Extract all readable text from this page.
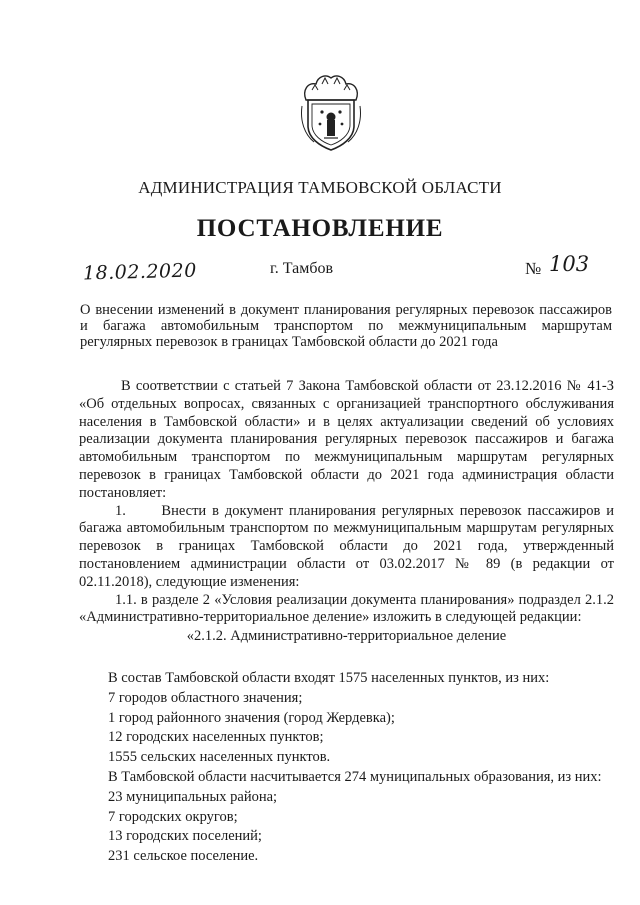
АДМИНИСТРАЦИЯ ТАМБОВСКОЙ ОБЛАСТИ
ПОСТАНОВЛЕНИЕ
18.02.2020	г. Тамбов	№ 103
О внесении изменений в документ планирования регулярных перевозок пассажиров и багажа автомобильным транспортом по межмуниципальным маршрутам регулярных перевозок в границах Тамбовской области до 2021 года

В соответствии с статьей 7 Закона Тамбовской области от 23.12.2016 № 41-З «Об отдельных вопросах, связанных с организацией транспортного обслуживания населения в Тамбовской области» и в целях актуализации сведений об условиях реализации документа планирования регулярных перевозок пассажиров и багажа автомобильным транспортом по межмуниципальным маршрутам регулярных перевозок в границах Тамбовской области до 2021 года администрация области постановляет:

1.      Внести в документ планирования регулярных перевозок пассажиров и багажа автомобильным транспортом по межмуниципальным маршрутам регулярных перевозок в границах Тамбовской области до 2021 года, утвержденный постановлением администрации области от 03.02.2017 № 89 (в редакции от 02.11.2018), следующие изменения:

1.1. в разделе 2 «Условия реализации документа планирования» подраздел 2.1.2 «Административно-территориальное деление» изложить в следующей редакции:

«2.1.2. Административно-территориальное деление

В состав Тамбовской области входят 1575 населенных пунктов, из них:

7 городов областного значения;

1 город районного значения (город Жердевка);

12 городских населенных пунктов;

1555 сельских населенных пунктов.

В Тамбовской области насчитывается 274 муниципальных образования, из них:

23 муниципальных района;

7 городских округов;

13 городских поселений;

231 сельское поселение.
